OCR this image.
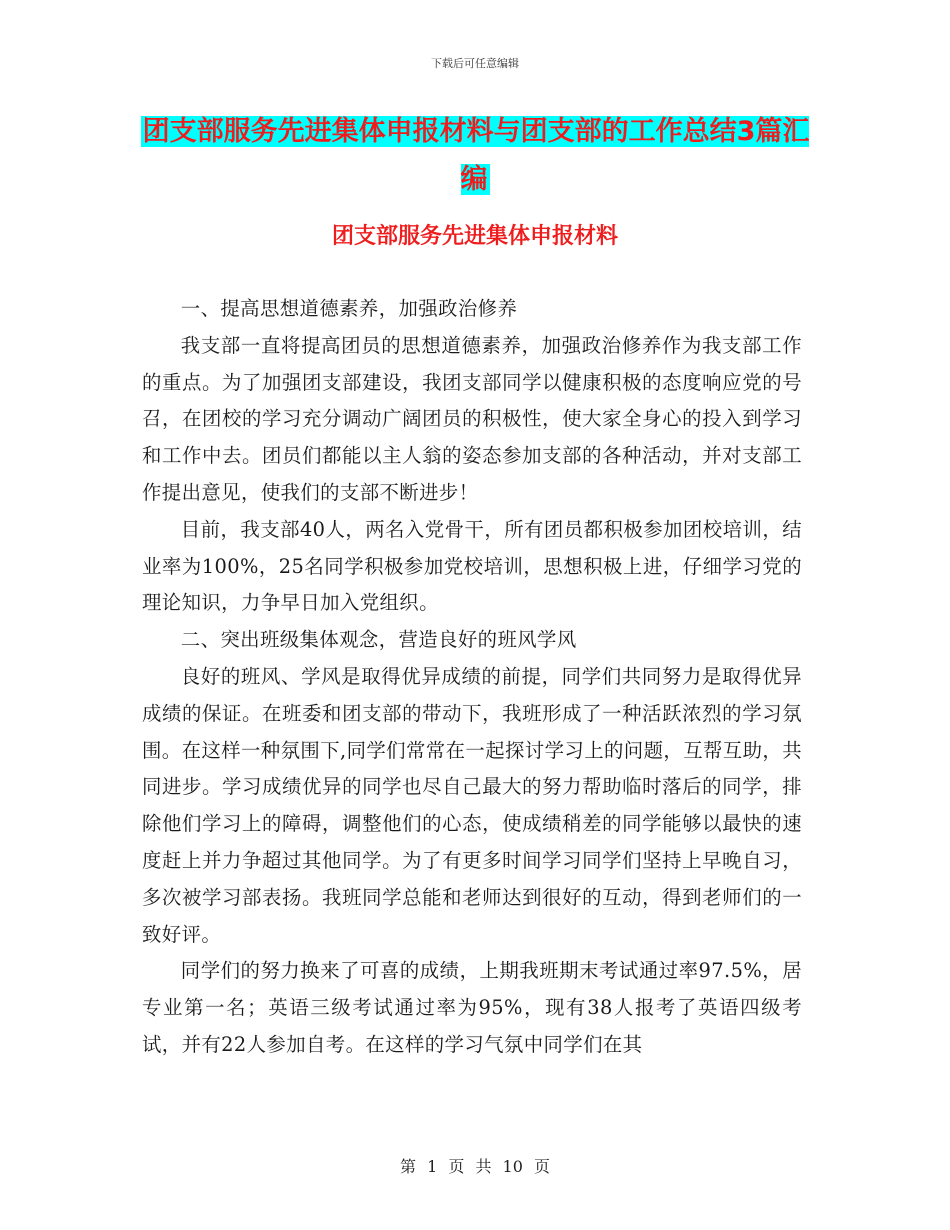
下载后可任意编辑
团支部服务先进集体申报材料与团支部的工作总结3篇汇编
团支部服务先进集体申报材料

一、提高思想道德素养，加强政治修养

我支部一直将提高团员的思想道德素养，加强政治修养作为我支部工作的重点。为了加强团支部建设，我团支部同学以健康积极的态度响应党的号召，在团校的学习充分调动广阔团员的积极性，使大家全身心的投入到学习和工作中去。团员们都能以主人翁的姿态参加支部的各种活动，并对支部工作提出意见，使我们的支部不断进步！

目前，我支部40人，两名入党骨干，所有团员都积极参加团校培训，结业率为100%，25名同学积极参加党校培训，思想积极上进，仔细学习党的理论知识，力争早日加入党组织。

二、突出班级集体观念，营造良好的班风学风

良好的班风、学风是取得优异成绩的前提，同学们共同努力是取得优异成绩的保证。在班委和团支部的带动下，我班形成了一种活跃浓烈的学习氛围。在这样一种氛围下,同学们常常在一起探讨学习上的问题，互帮互助，共同进步。学习成绩优异的同学也尽自己最大的努力帮助临时落后的同学，排除他们学习上的障碍，调整他们的心态，使成绩稍差的同学能够以最快的速度赶上并力争超过其他同学。为了有更多时间学习同学们坚持上早晚自习，多次被学习部表扬。我班同学总能和老师达到很好的互动，得到老师们的一致好评。

同学们的努力换来了可喜的成绩，上期我班期末考试通过率97.5%，居专业第一名；英语三级考试通过率为95%，现有38人报考了英语四级考试，并有22人参加自考。在这样的学习气氛中同学们在其

第 1 页 共 10 页
